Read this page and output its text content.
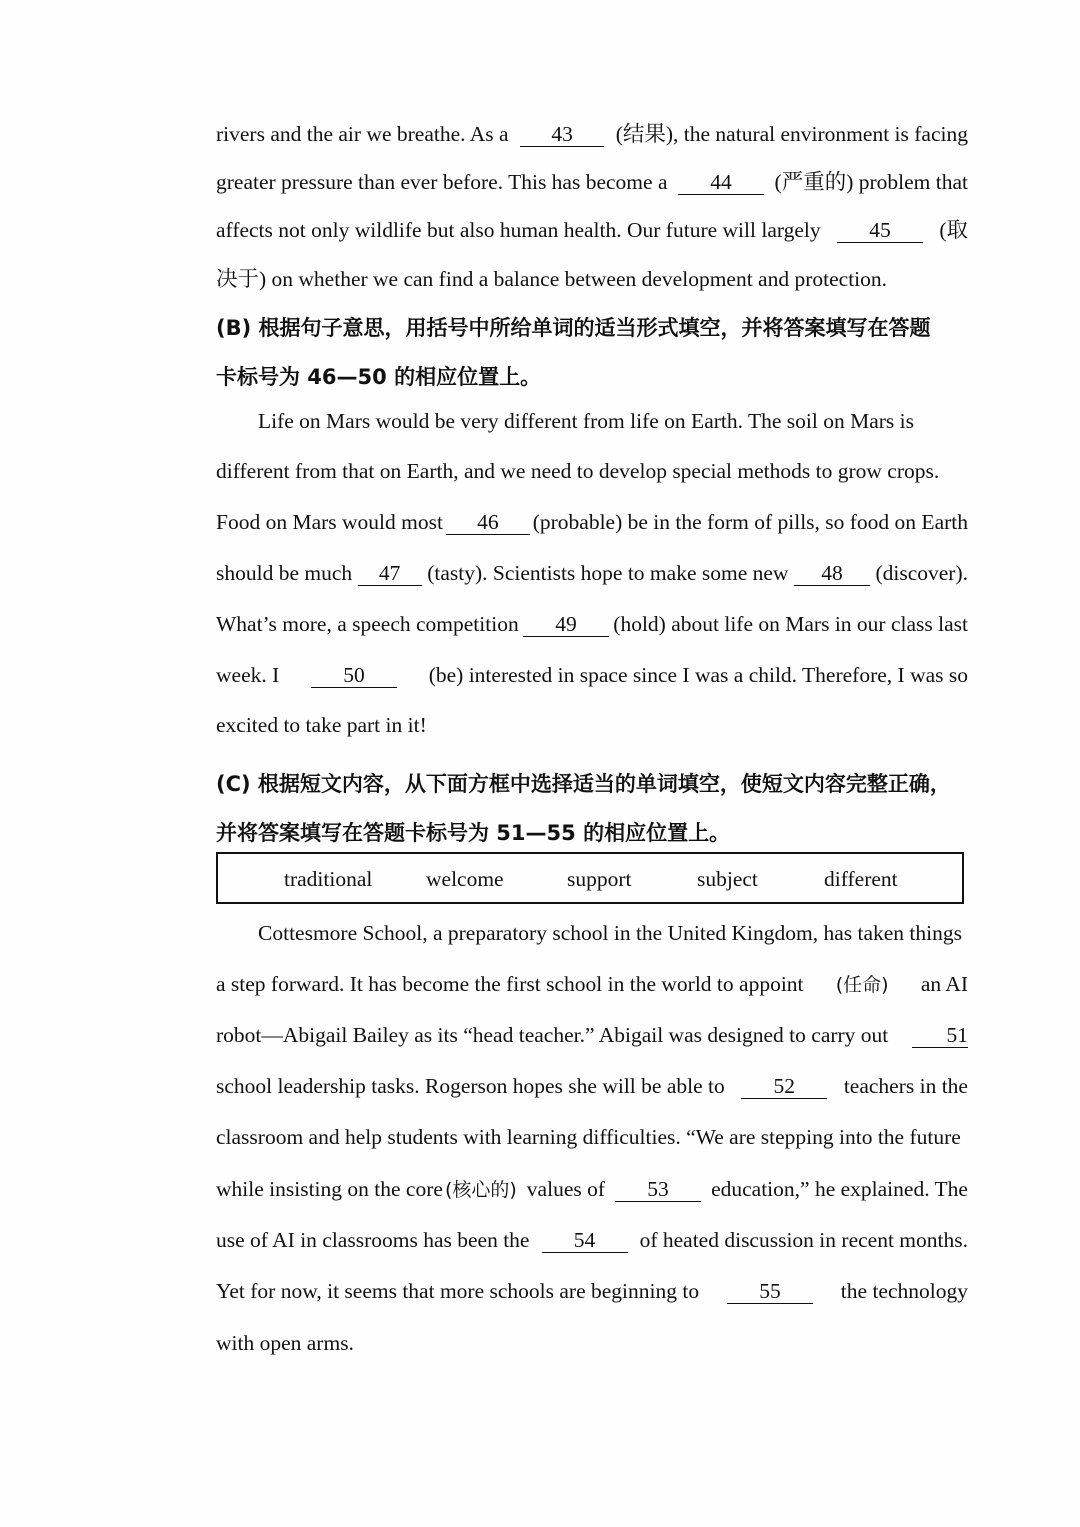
rivers and the air we breathe. As a	43	(结果), the natural environment is facing
greater pressure than ever before. This has become a	44	(严重的) problem that
affects not only wildlife but also human health. Our future will largely	45	(取
决于) on whether we can find a balance between development and protection.
(B) 根据句子意思，用括号中所给单词的适当形式填空，并将答案填写在答题
卡标号为 46—50 的相应位置上。
Life on Mars would be very different from life on Earth. The soil on Mars is
different from that on Earth, and we need to develop special methods to grow crops.
Food on Mars would most	46	(probable) be in the form of pills, so food on Earth
should be much	47	(tasty). Scientists hope to make some new	48	(discover).
What’s more, a speech competition	49	(hold) about life on Mars in our class last
week. I	50	(be) interested in space since I was a child. Therefore, I was so
excited to take part in it!
(C) 根据短文内容，从下面方框中选择适当的单词填空，使短文内容完整正确，
并将答案填写在答题卡标号为 51—55 的相应位置上。
traditional welcome	support	subject	different
Cottesmore School, a preparatory school in the United Kingdom, has taken things
a step forward. It has become the first school in the world to appoint (任命) an AI
robot—Abigail Bailey as its “head teacher.” Abigail was designed to carry out	51
school leadership tasks. Rogerson hopes she will be able to	52	teachers in the
classroom and help students with learning difficulties. “We are stepping into the future
while insisting on the core (核心的) values of	53	education,” he explained. The
use of AI in classrooms has been the	54	of heated discussion in recent months.
Yet for now, it seems that more schools are beginning to	55	the technology
with open arms.
